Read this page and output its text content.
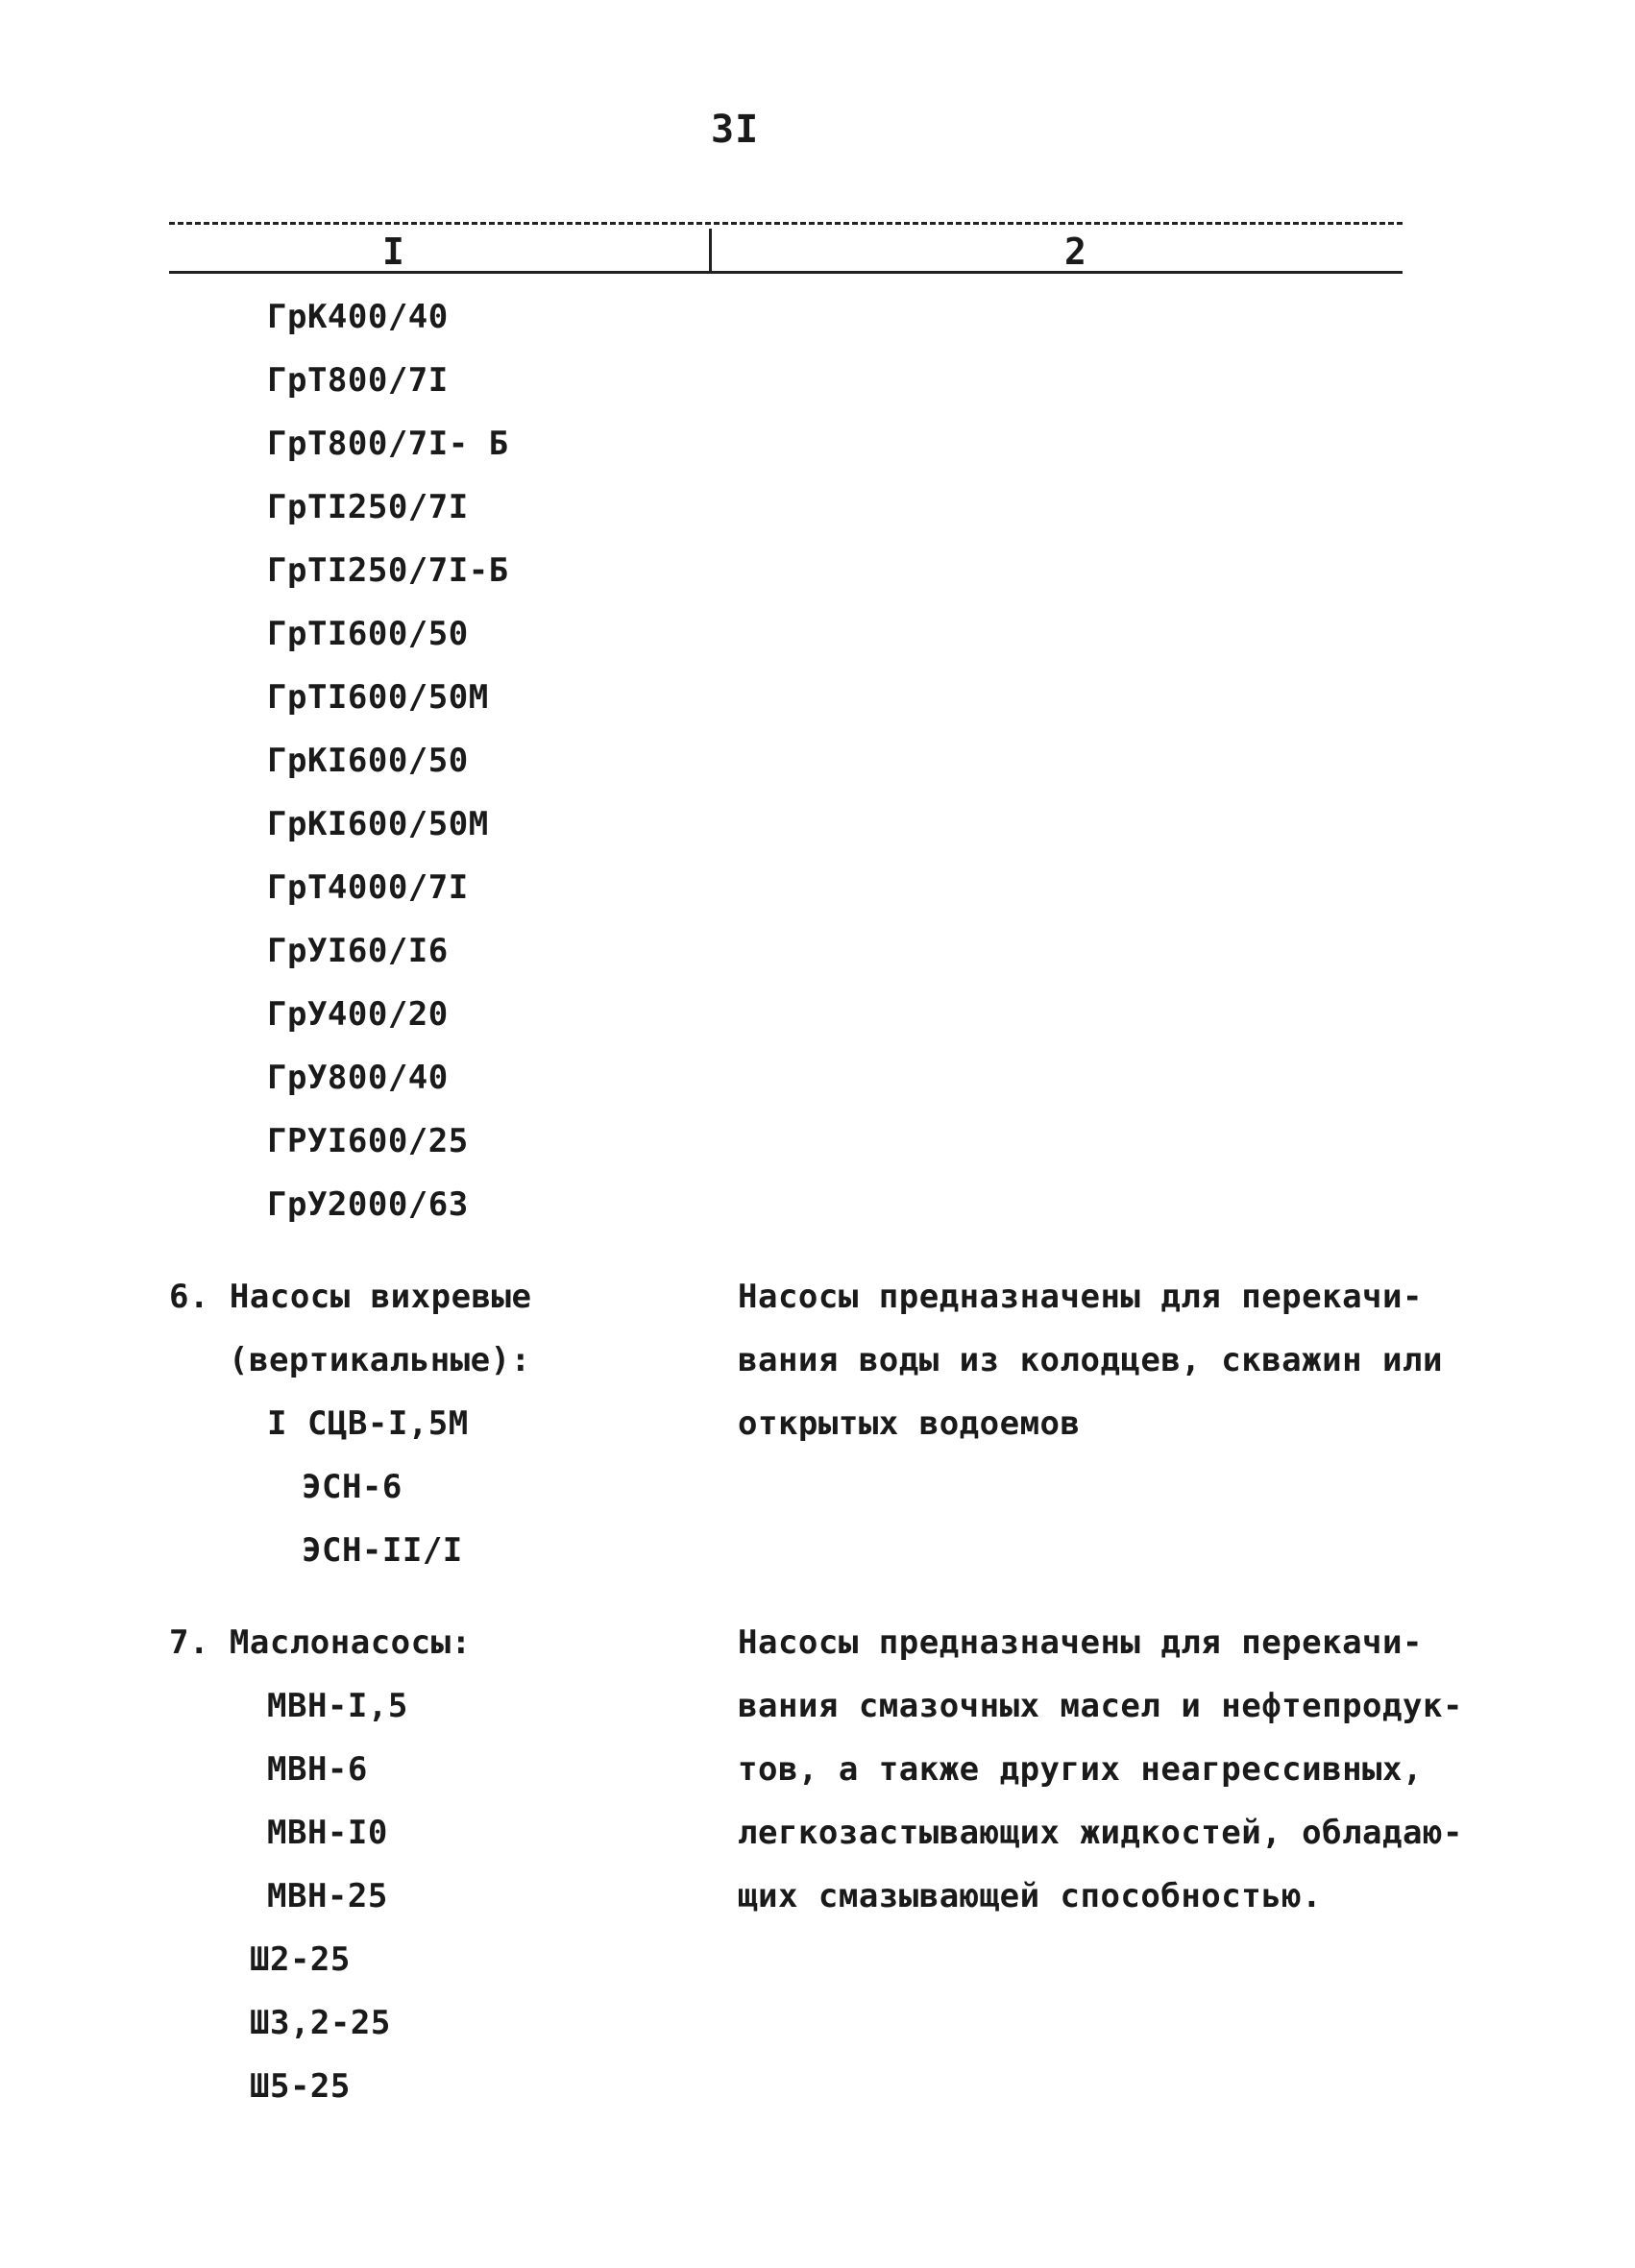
3I
I	2
ГрК400/40
ГрТ800/7I
ГрТ800/7I- Б
ГрТI250/7I
ГрТI250/7I-Б
ГрТI600/50
ГрТI600/50М
ГрКI600/50
ГрКI600/50М
ГрТ4000/7I
ГрУI60/I6
ГрУ400/20
ГрУ800/40
ГРУI600/25
ГрУ2000/63
6. Насосы вихревые
(вертикальные):
I СЦВ-I,5М
ЭСН-6
ЭСН-II/I
Насосы предназначены для перекачи-
вания воды из колодцев, скважин или
открытых водоемов
7. Маслонасосы:
МВН-I,5
МВН-6
МВН-I0
МВН-25
Ш2-25
Ш3,2-25
Ш5-25
Насосы предназначены для перекачи-
вания смазочных масел и нефтепродук-
тов, а также других неагрессивных,
легкозастывающих жидкостей, обладаю-
щих смазывающей способностью.
